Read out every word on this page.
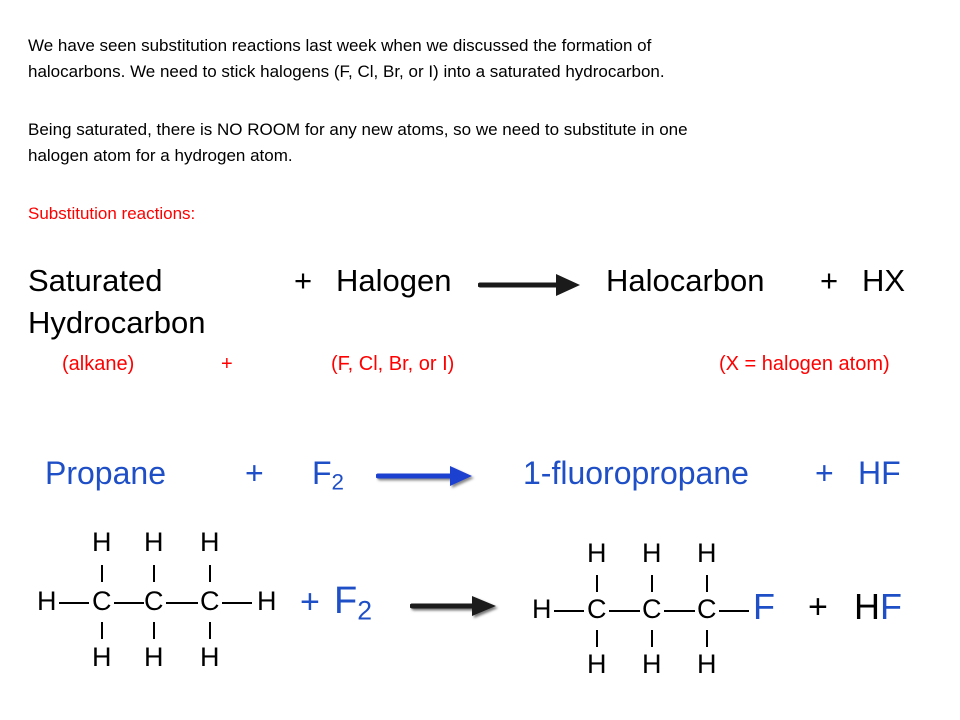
We have seen substitution reactions last week when we discussed the formation of
halocarbons. We need to stick halogens (F, Cl, Br, or I) into a saturated hydrocarbon.
Being saturated, there is NO ROOM for any new atoms, so we need to substitute in one
halogen atom for a hydrogen atom.
Substitution reactions:
Saturated
Hydrocarbon
+ Halogen	Halocarbon + HX
(alkane)	+	(F, Cl, Br, or I)	(X = halogen atom)
Propane + $F_2$	1-fluoropropane + HF
H H H
H C C C H
H H H
+ $F_2$
H H H
H C C C F
H H H
+ HF
